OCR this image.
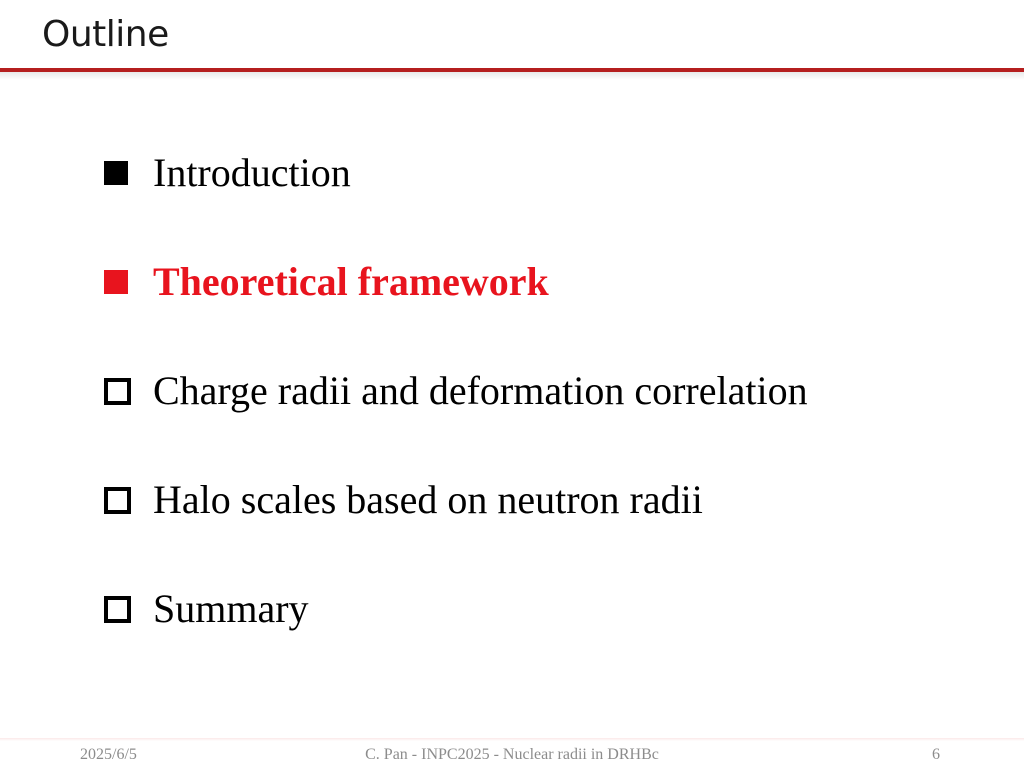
Outline
Introduction
Theoretical framework
Charge radii and deformation correlation
Halo scales based on neutron radii
Summary
2025/6/5	C. Pan - INPC2025 - Nuclear radii in DRHBc	6
